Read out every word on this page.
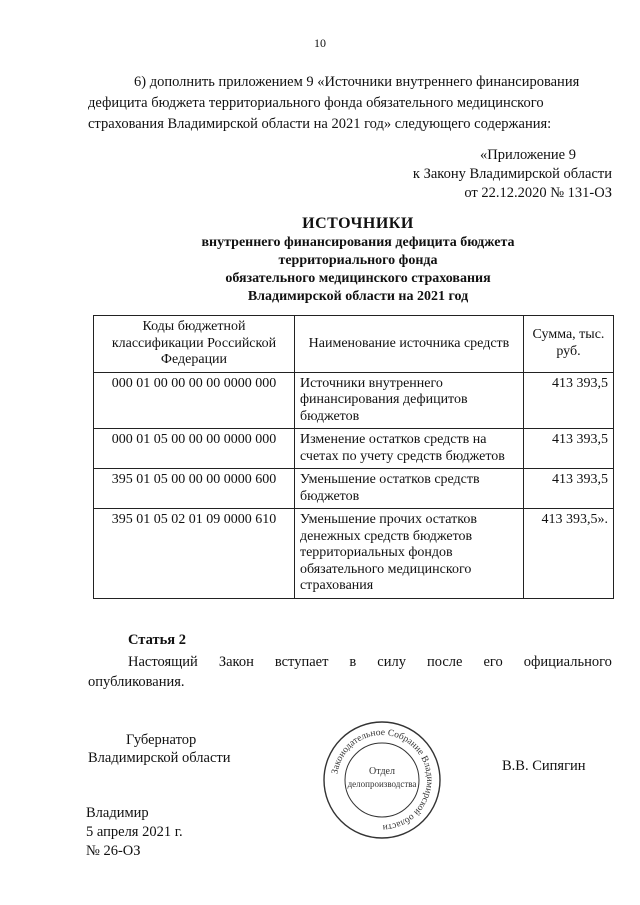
10
6) дополнить приложением 9 «Источники внутреннего финансирования
дефицита бюджета территориального фонда обязательного медицинского
страхования Владимирской области на 2021 год» следующего содержания:
«Приложение 9
к Закону Владимирской области
от 22.12.2020 № 131-ОЗ
ИСТОЧНИКИ
внутреннего финансирования дефицита бюджета
территориального фонда
обязательного медицинского страхования
Владимирской области на 2021 год
Коды бюджетной классификации Российской Федерации	Наименование источника средств	Сумма, тыс. руб.
000 01 00 00 00 00 0000 000	Источники внутреннего финансирования дефицитов бюджетов	413 393,5
000 01 05 00 00 00 0000 000	Изменение остатков средств на счетах по учету средств бюджетов	413 393,5
395 01 05 00 00 00 0000 600	Уменьшение остатков средств бюджетов	413 393,5
395 01 05 02 01 09 0000 610	Уменьшение прочих остатков денежных средств бюджетов территориальных фондов обязательного медицинского страхования	413 393,5».
Статья 2
Настоящий Закон вступает в силу после его официального
опубликования.
Губернатор
Владимирской области	В.В. Сипягин
Законодательное Собрание Владимирской области
Отдел
делопроизводства
Владимир
5 апреля 2021 г.
№ 26-ОЗ
